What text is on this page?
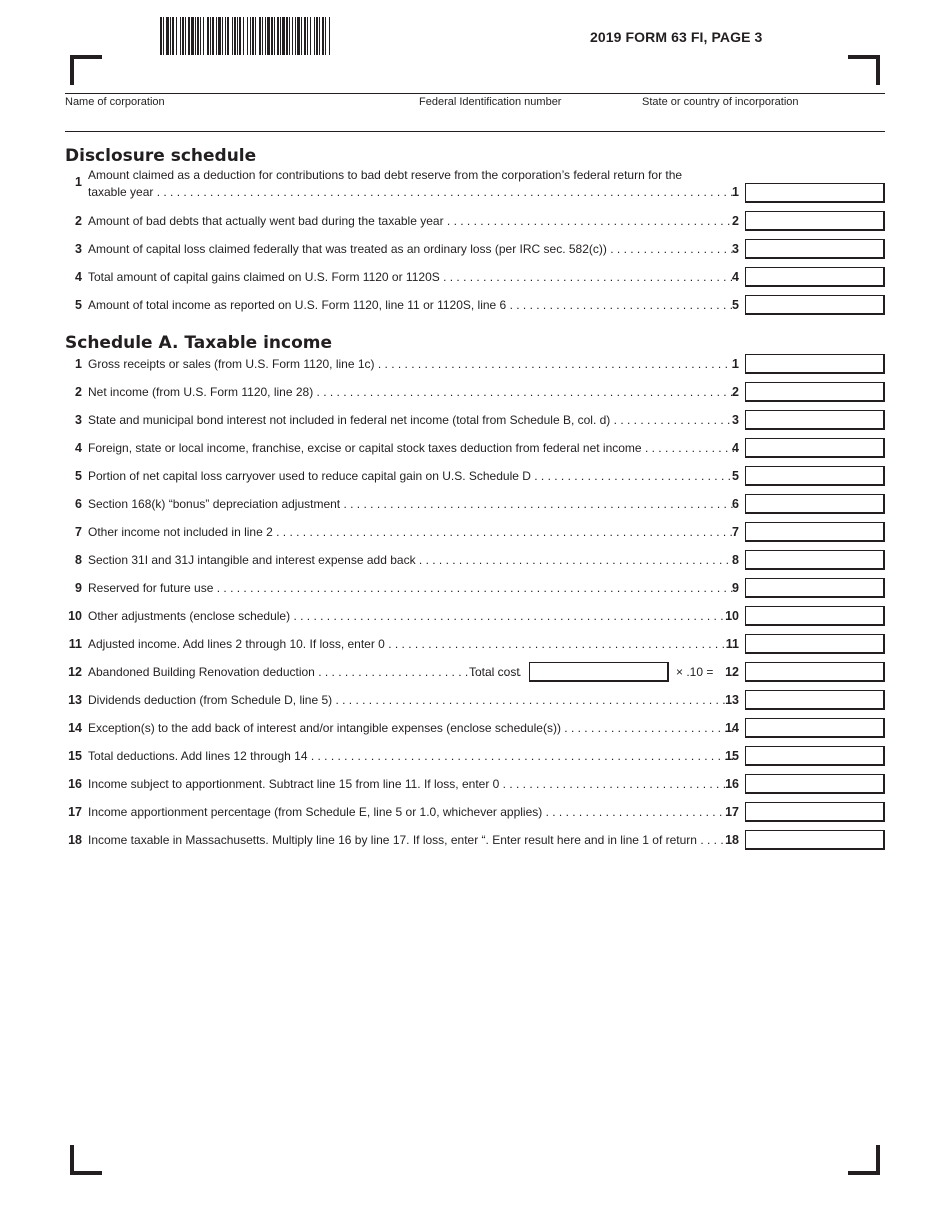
2019 FORM 63 FI, PAGE 3
Name of corporation	Federal Identification number	State or country of incorporation
Disclosure schedule
1 Amount claimed as a deduction for contributions to bad debt reserve from the corporation’s federal return for the
taxable year . . .	1
2 Amount of bad debts that actually went bad during the taxable year . . .	2
3 Amount of capital loss claimed federally that was treated as an ordinary loss (per IRC sec. 582(c)) . . .	3
4 Total amount of capital gains claimed on U.S. Form 1120 or 1120S . . .	4
5 Amount of total income as reported on U.S. Form 1120, line 11 or 1120S, line 6 . . .	5
Schedule A. Taxable income
1 Gross receipts or sales (from U.S. Form 1120, line 1c) . . .	1
2 Net income (from U.S. Form 1120, line 28) . . .	2
3 State and municipal bond interest not included in federal net income (total from Schedule B, col. d) . . .	3
4 Foreign, state or local income, franchise, excise or capital stock taxes deduction from federal net income . . .	4
5 Portion of net capital loss carryover used to reduce capital gain on U.S. Schedule D . . .	5
6 Section 168(k) “bonus” depreciation adjustment . . .	6
7 Other income not included in line 2 . . .	7
8 Section 31I and 31J intangible and interest expense add back . . .	8
9 Reserved for future use . . .	9
10 Other adjustments (enclose schedule) . . .	10
11 Adjusted income. Add lines 2 through 10. If loss, enter 0 . . .	11
12 Abandoned Building Renovation deduction . . .	Total cost	× .10 = 12
13 Dividends deduction (from Schedule D, line 5) . . .	13
14 Exception(s) to the add back of interest and/or intangible expenses (enclose schedule(s)) . . .	14
15 Total deductions. Add lines 12 through 14 . . .	15
16 Income subject to apportionment. Subtract line 15 from line 11. If loss, enter 0 . . .	16
17 Income apportionment percentage (from Schedule E, line 5 or 1.0, whichever applies) . . .	17
18 Income taxable in Massachusetts. Multiply line 16 by line 17. If loss, enter “. Enter result here and in line 1 of return . . .	18
